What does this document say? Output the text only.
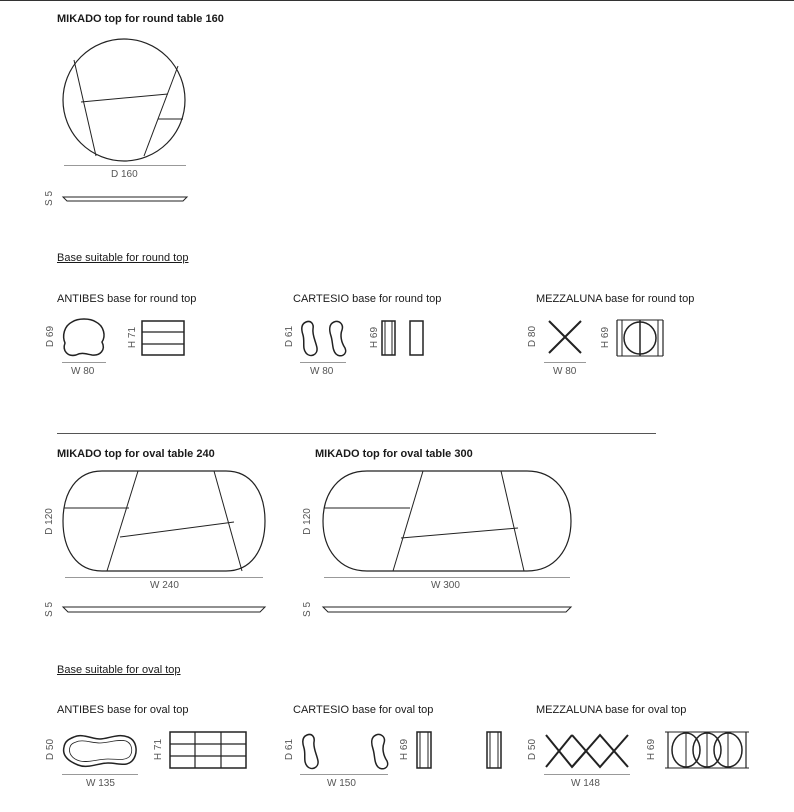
MIKADO top for round table 160
D 160
S 5
Base suitable for round top
ANTIBES base for round top
D 69
W 80
H 71
CARTESIO base for round top
D 61
W 80
H 69
MEZZALUNA base for round top
D 80
W 80
H 69
MIKADO top for oval table 240
D 120
W 240
S 5
MIKADO top for oval table 300
D 120
W 300
S 5
Base suitable for oval top
ANTIBES base for oval top
D 50
W 135
H 71
CARTESIO base for oval top
D 61
W 150
H 69
MEZZALUNA base for oval top
D 50
W 148
H 69
